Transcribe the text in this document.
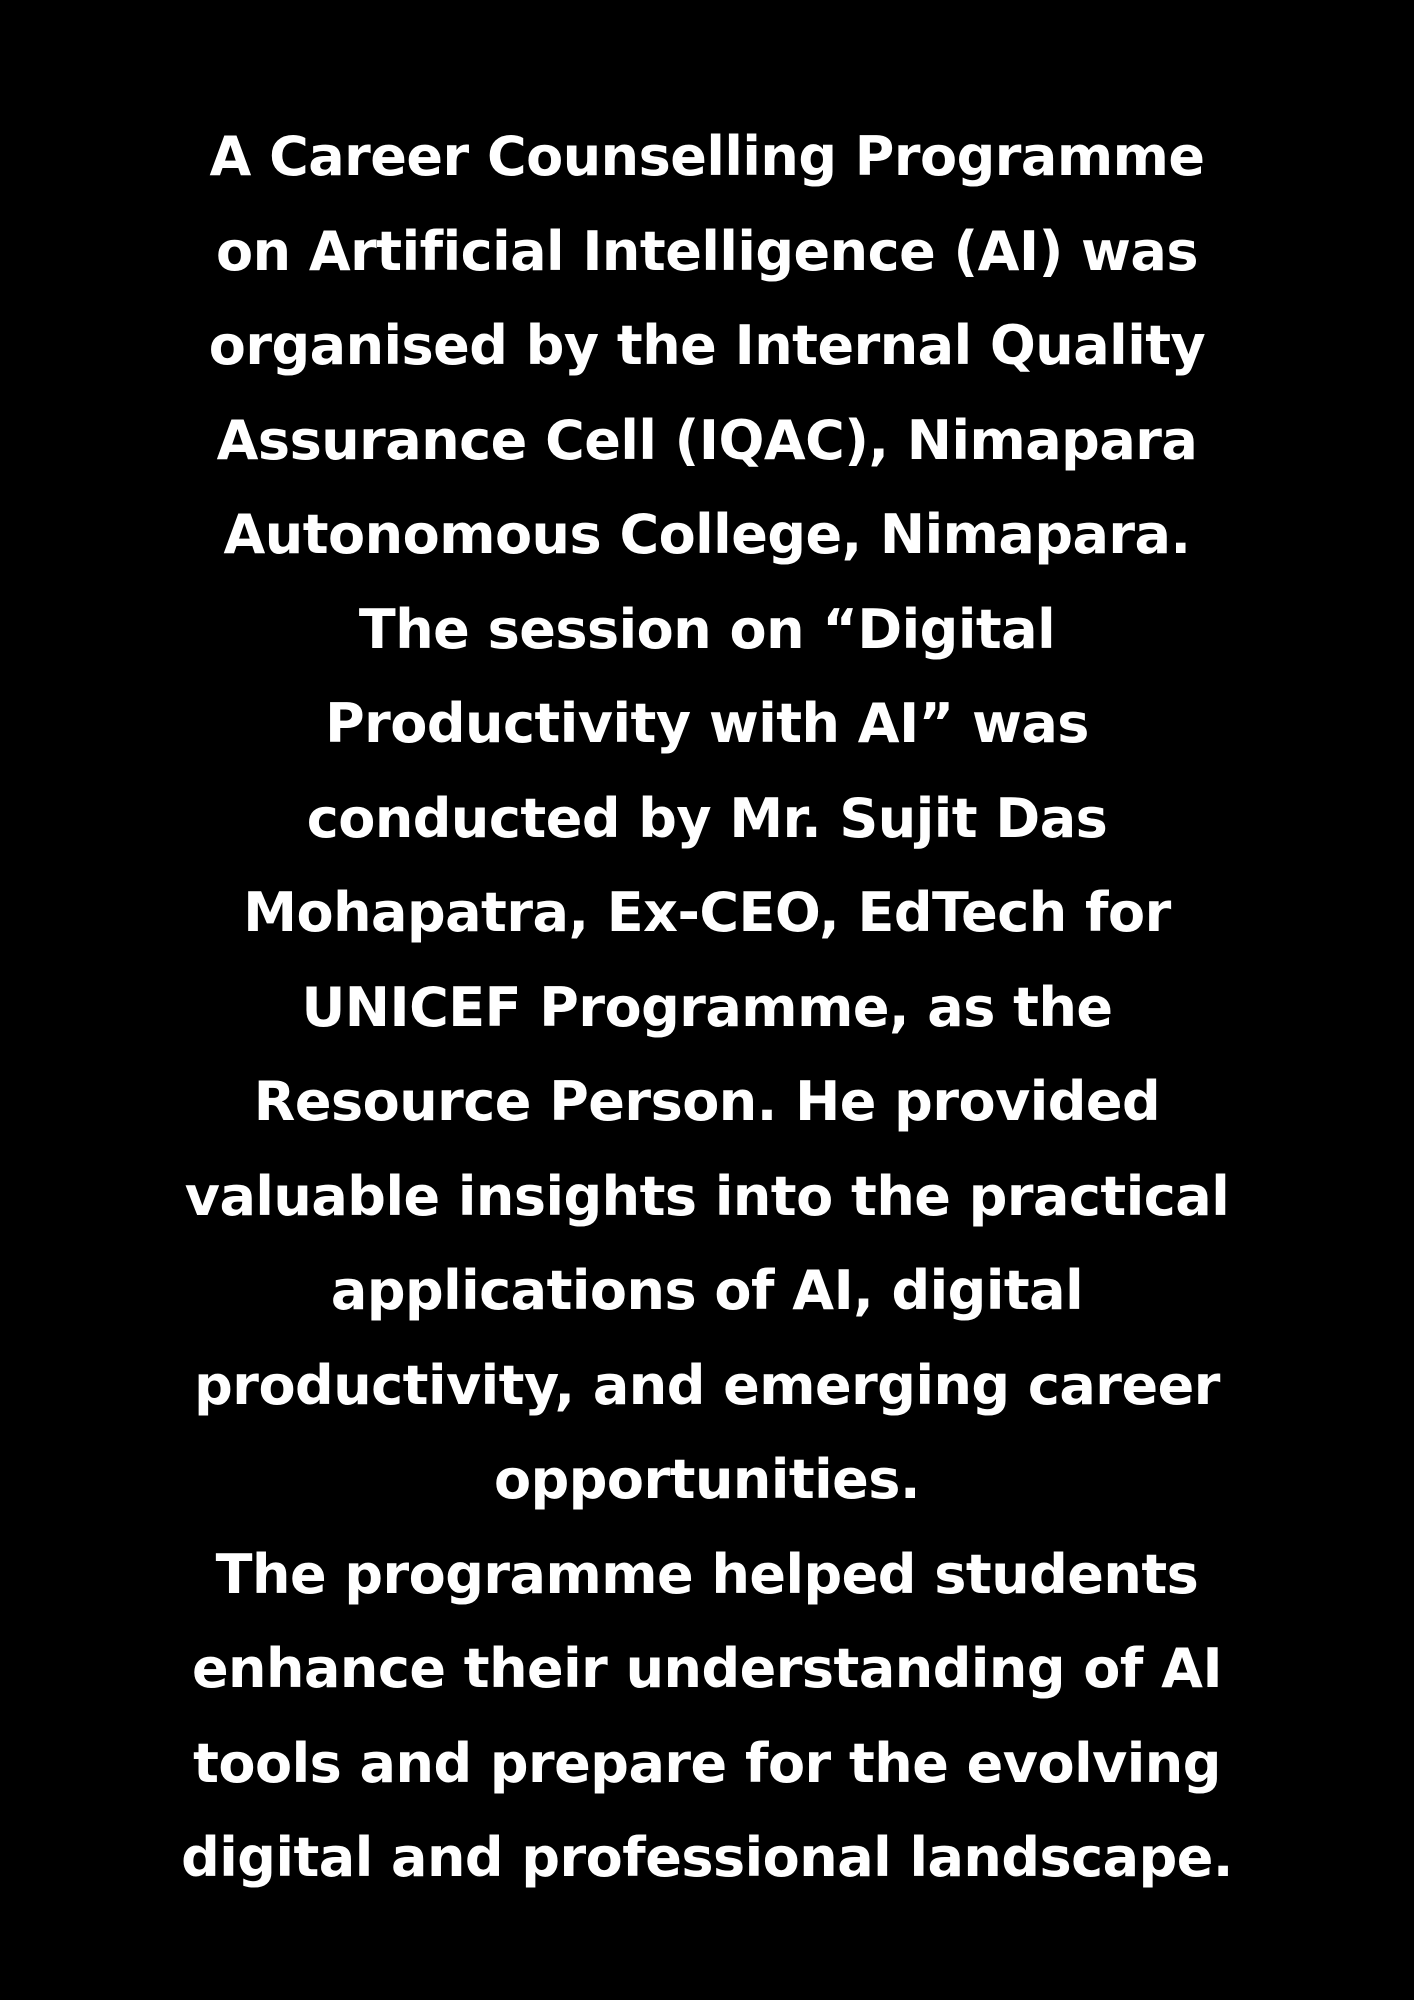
A Career Counselling Programme
on Artificial Intelligence (AI) was
organised by the Internal Quality
Assurance Cell (IQAC), Nimapara
Autonomous College, Nimapara.
The session on “Digital
Productivity with AI” was
conducted by Mr. Sujit Das
Mohapatra, Ex-CEO, EdTech for
UNICEF Programme, as the
Resource Person. He provided
valuable insights into the practical
applications of AI, digital
productivity, and emerging career
opportunities.
The programme helped students
enhance their understanding of AI
tools and prepare for the evolving
digital and professional landscape.
